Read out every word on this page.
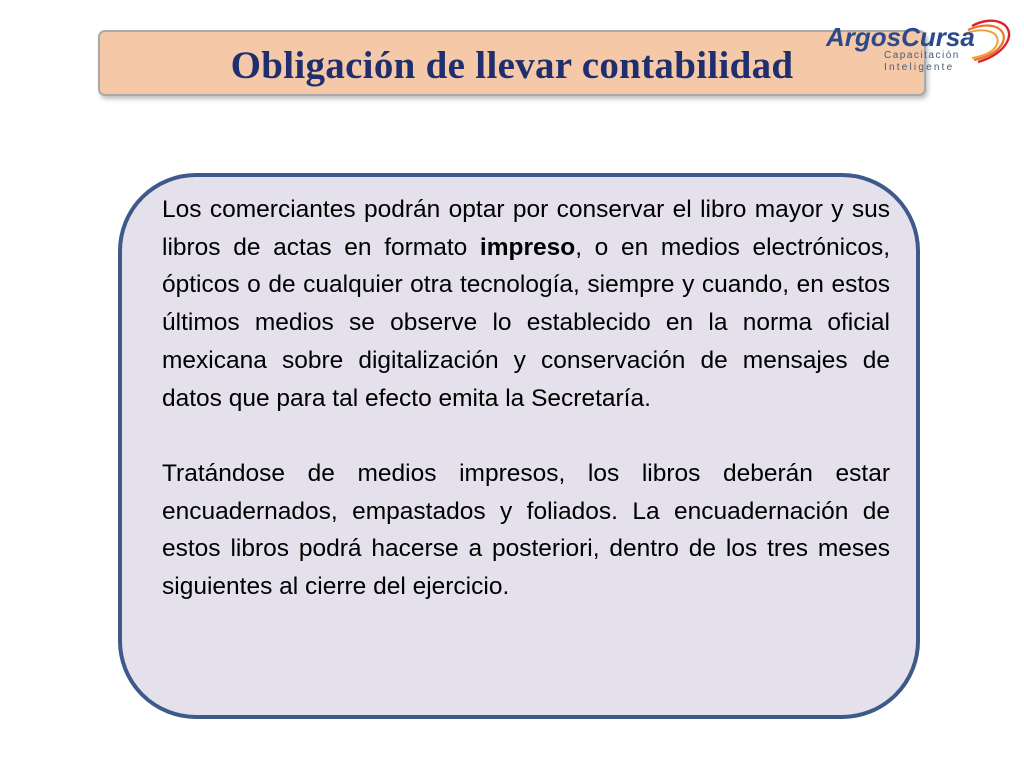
Obligación de llevar contabilidad
ArgosCursa
Capacitación
Inteligente

Los comerciantes podrán optar por conservar el libro mayor y sus libros de actas en formato impreso, o en medios electrónicos, ópticos o de cualquier otra tecnología, siempre y cuando, en estos últimos medios se observe lo establecido en la norma oficial mexicana sobre digitalización y conservación de mensajes de datos que para tal efecto emita la Secretaría.

Tratándose de medios impresos, los libros deberán estar encuadernados, empastados y foliados. La encuadernación de estos libros podrá hacerse a posteriori, dentro de los tres meses siguientes al cierre del ejercicio.
